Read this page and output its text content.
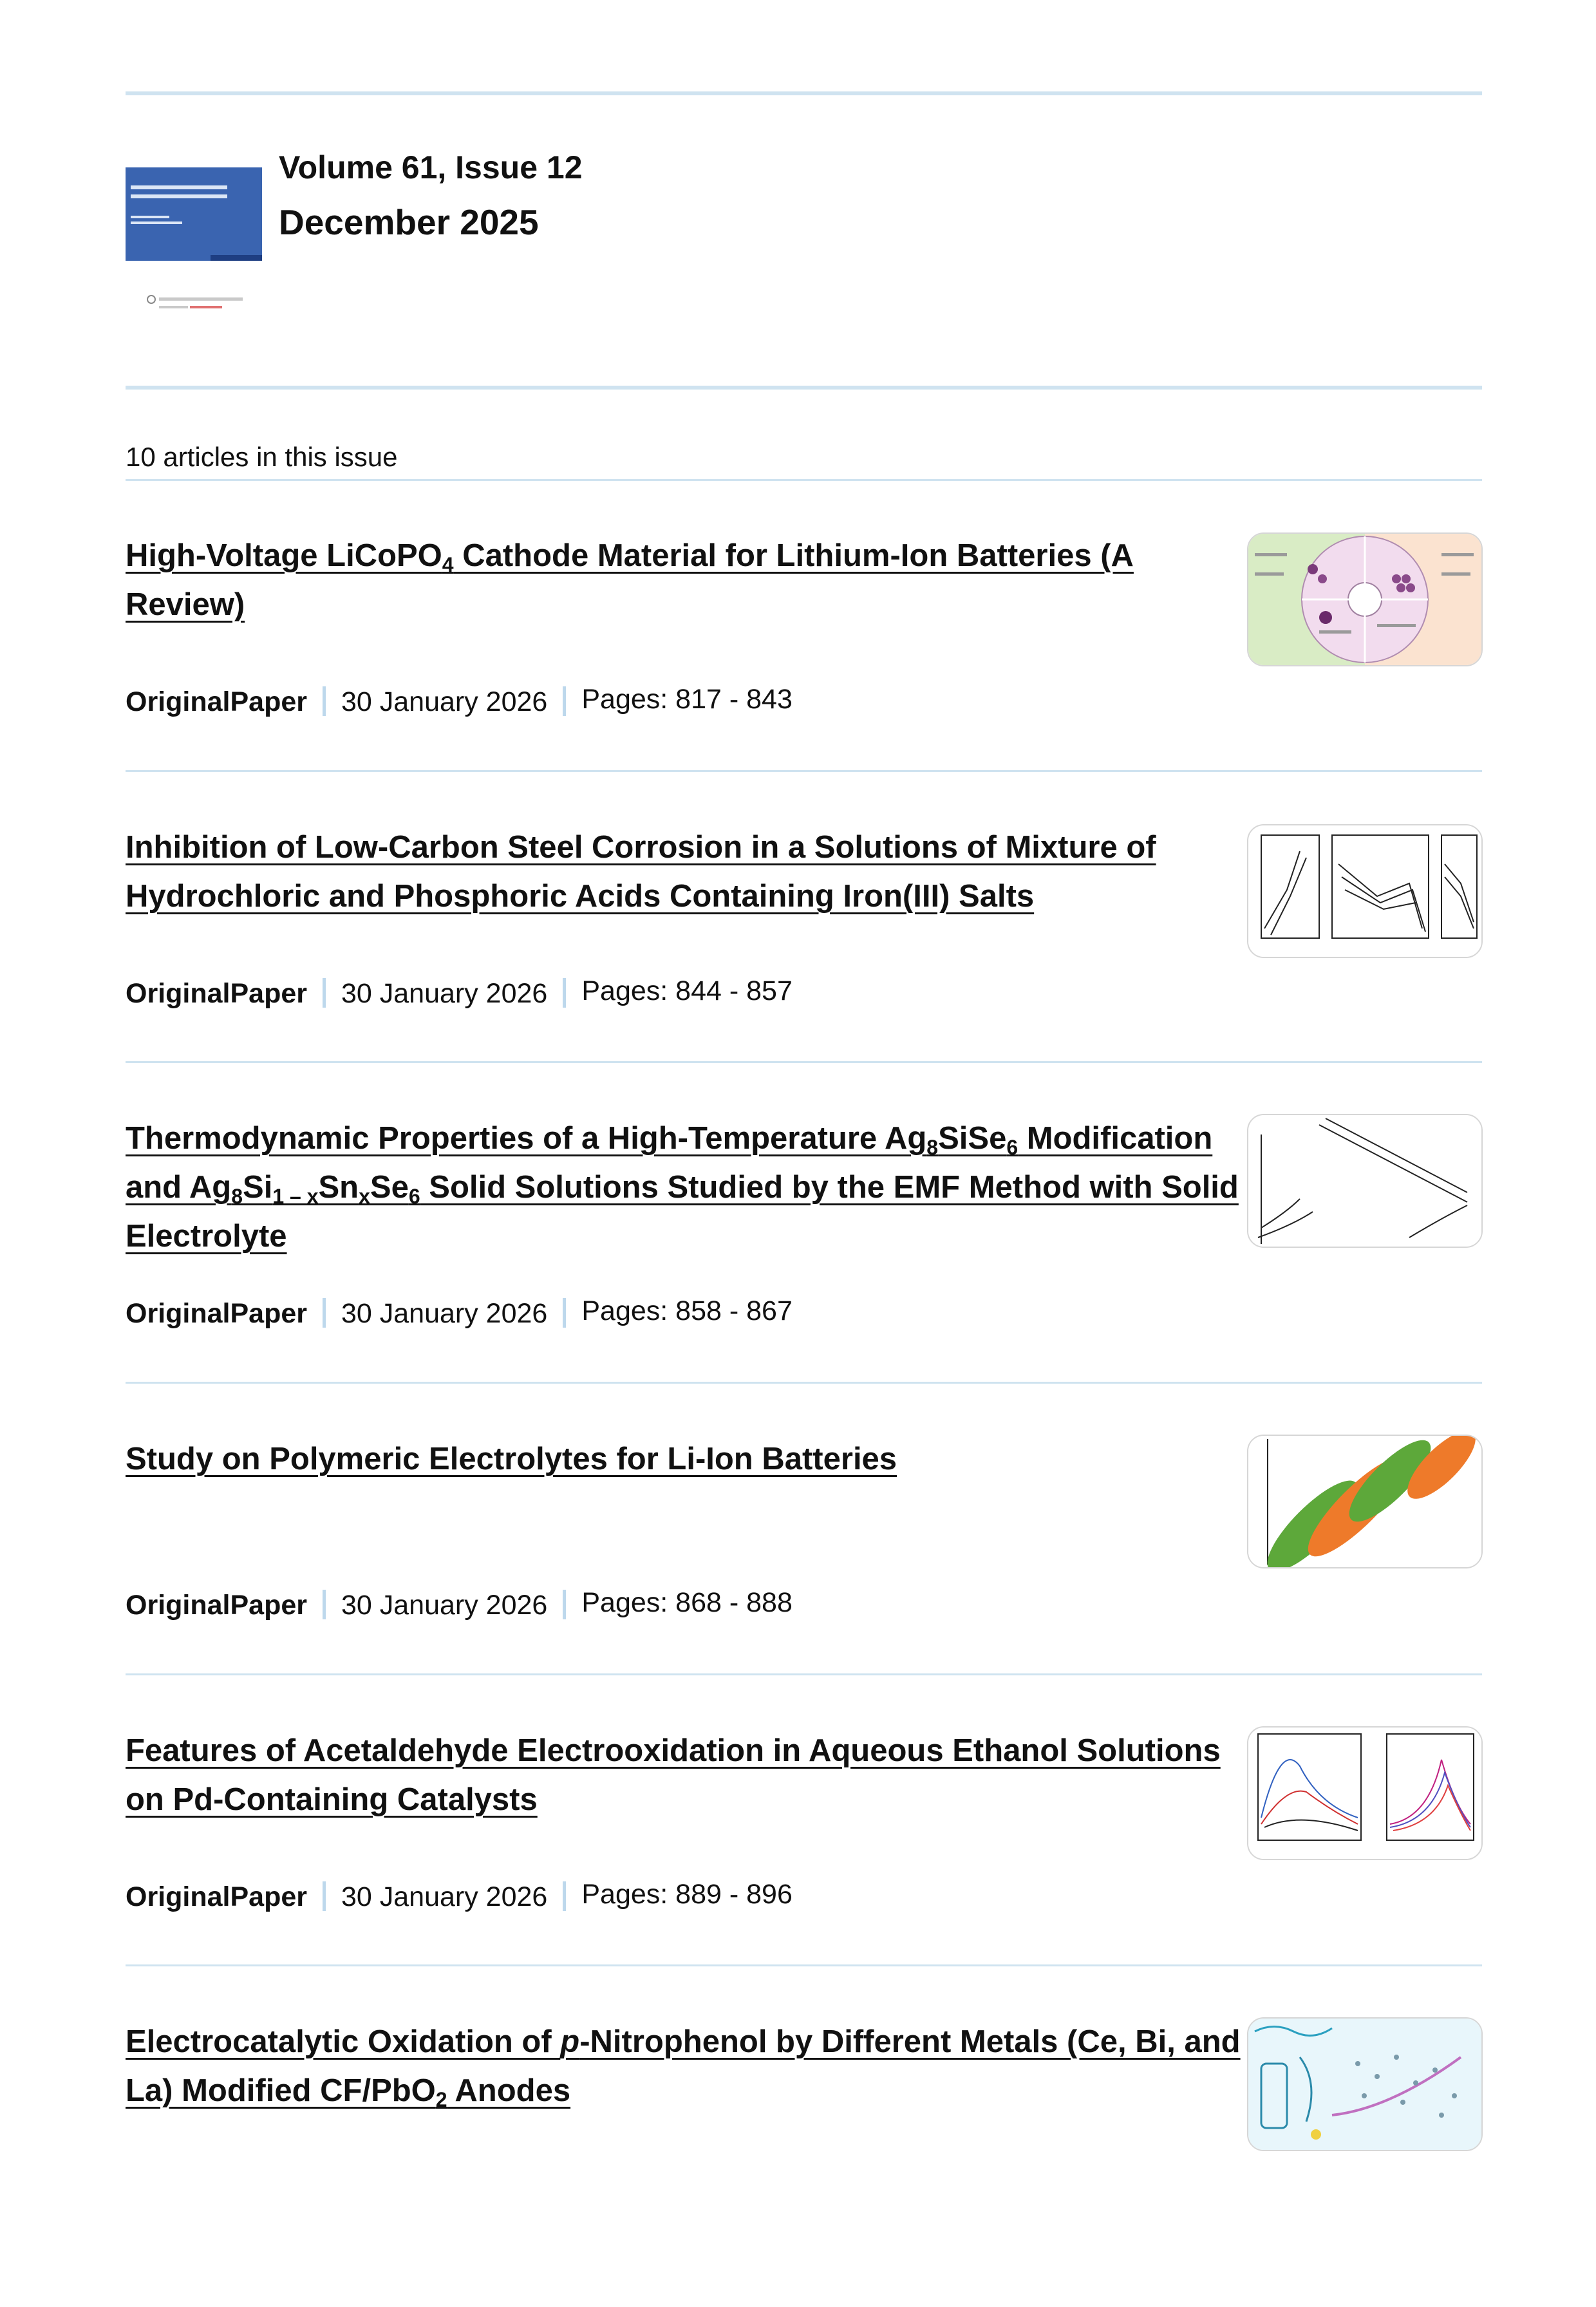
Volume 61, Issue 12
December 2025
10 articles in this issue
High-Voltage LiCoPO$_4$ Cathode Material for Lithium-Ion Batteries (A Review)
OriginalPaper 30 January 2026 Pages: 817 - 843
Inhibition of Low-Carbon Steel Corrosion in a Solutions of Mixture of Hydrochloric and Phosphoric Acids Containing Iron(III) Salts
OriginalPaper 30 January 2026 Pages: 844 - 857
Thermodynamic Properties of a High-Temperature $Ag_8SiSe_6$ Modification and $Ag_8Si_{1 - x}Sn_xSe_6$ Solid Solutions Studied by the EMF Method with Solid Electrolyte
OriginalPaper 30 January 2026 Pages: 858 - 867
Study on Polymeric Electrolytes for Li-Ion Batteries
OriginalPaper 30 January 2026 Pages: 868 - 888
Features of Acetaldehyde Electrooxidation in Aqueous Ethanol Solutions on Pd-Containing Catalysts
OriginalPaper 30 January 2026 Pages: 889 - 896
Electrocatalytic Oxidation of p-Nitrophenol by Different Metals (Ce, Bi, and La) Modified CF/PbO$_2$ Anodes
